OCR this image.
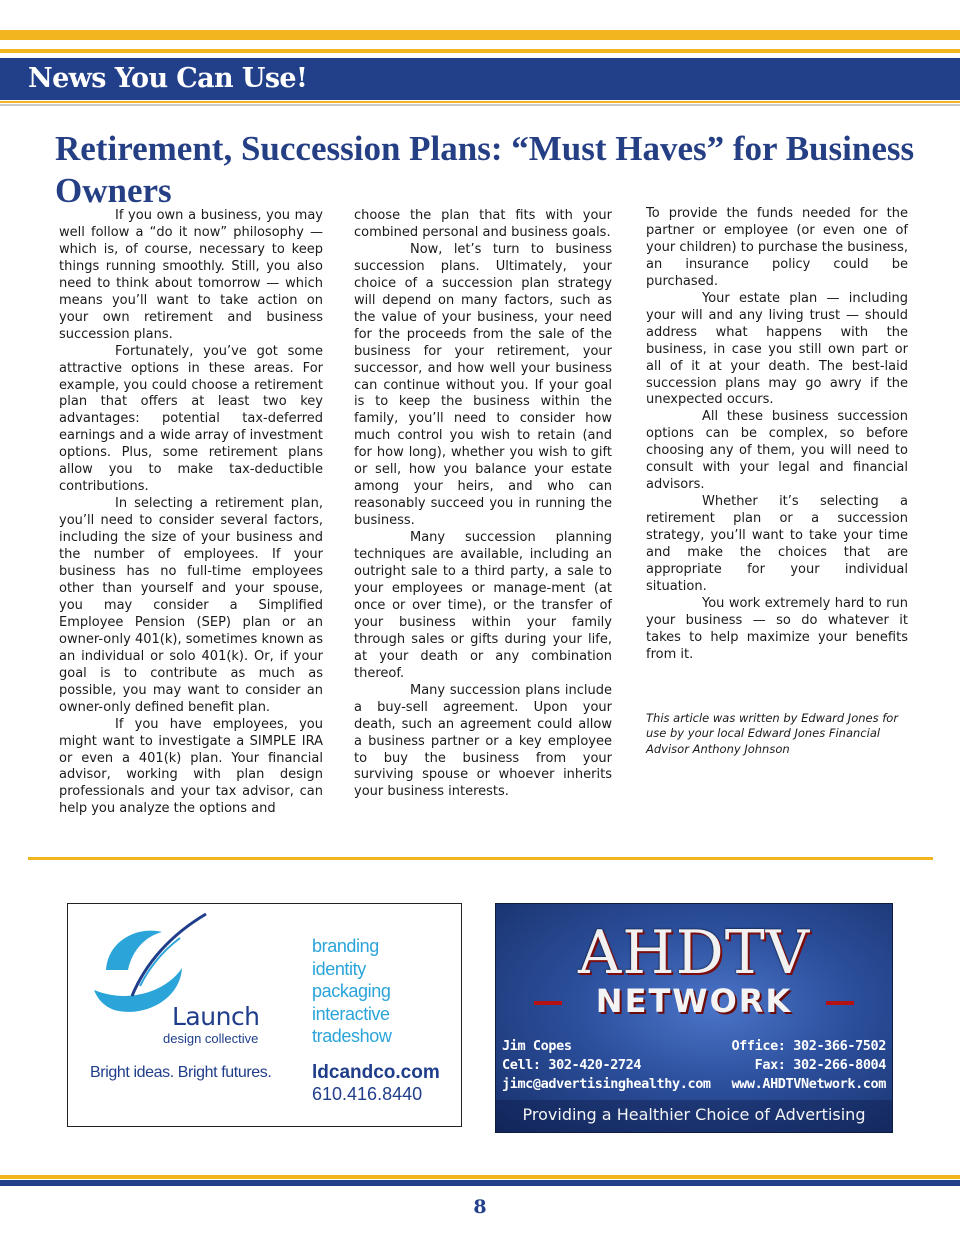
News You Can Use!
Retirement, Succession Plans: “Must Haves” for Business Owners

If you own a business, you may well follow a “do it now” philosophy — which is, of course, necessary to keep things running smoothly. Still, you also need to think about tomorrow — which means you’ll want to take action on your own retirement and business succession plans.

Fortunately, you’ve got some attractive options in these areas. For example, you could choose a retirement plan that offers at least two key advantages: potential tax-deferred earnings and a wide array of investment options. Plus, some retirement plans allow you to make tax-deductible contributions.

In selecting a retirement plan, you’ll need to consider several factors, including the size of your business and the number of employees. If your business has no full-time employees other than yourself and your spouse, you may consider a Simplified Employee Pension (SEP) plan or an owner-only 401(k), sometimes known as an individual or solo 401(k). Or, if your goal is to contribute as much as possible, you may want to consider an owner-only defined benefit plan.

If you have employees, you might want to investigate a SIMPLE IRA or even a 401(k) plan. Your financial advisor, working with plan design professionals and your tax advisor, can help you analyze the options and

choose the plan that fits with your combined personal and business goals.

Now, let’s turn to business succession plans. Ultimately, your choice of a succession plan strategy will depend on many factors, such as the value of your business, your need for the proceeds from the sale of the business for your retirement, your successor, and how well your business can continue without you. If your goal is to keep the business within the family, you’ll need to consider how much control you wish to retain (and for how long), whether you wish to gift or sell, how you balance your estate among your heirs, and who can reasonably succeed you in running the business.

Many succession planning techniques are available, including an outright sale to a third party, a sale to your employees or manage-ment (at once or over time), or the transfer of your business within your family through sales or gifts during your life, at your death or any combination thereof.

Many succession plans include a buy-sell agreement. Upon your death, such an agreement could allow a business partner or a key employee to buy the business from your surviving spouse or whoever inherits your business interests.

To provide the funds needed for the partner or employee (or even one of your children) to purchase the business, an insurance policy could be purchased.

Your estate plan — including your will and any living trust — should address what happens with the business, in case you still own part or all of it at your death. The best-laid succession plans may go awry if the unexpected occurs.

All these business succession options can be complex, so before choosing any of them, you will need to consult with your legal and financial advisors.

Whether it’s selecting a retirement plan or a succession strategy, you’ll want to take your time and make the choices that are appropriate for your individual situation.

You work extremely hard to run your business — so do whatever it takes to help maximize your benefits from it.

This article was written by Edward Jones for use by your local Edward Jones Financial Advisor Anthony Johnson

Launch

design collective
Bright ideas. Bright futures.
branding
identity
packaging
interactive
tradeshow
ldcandco.com
610.416.8440

AHDTV

NETWORK
Jim Copes
Cell: 302-420-2724
jimc@advertisinghealthy.com
Office: 302-366-7502
Fax: 302-266-8004
www.AHDTVNetwork.com
Providing a Healthier Choice of Advertising
8
